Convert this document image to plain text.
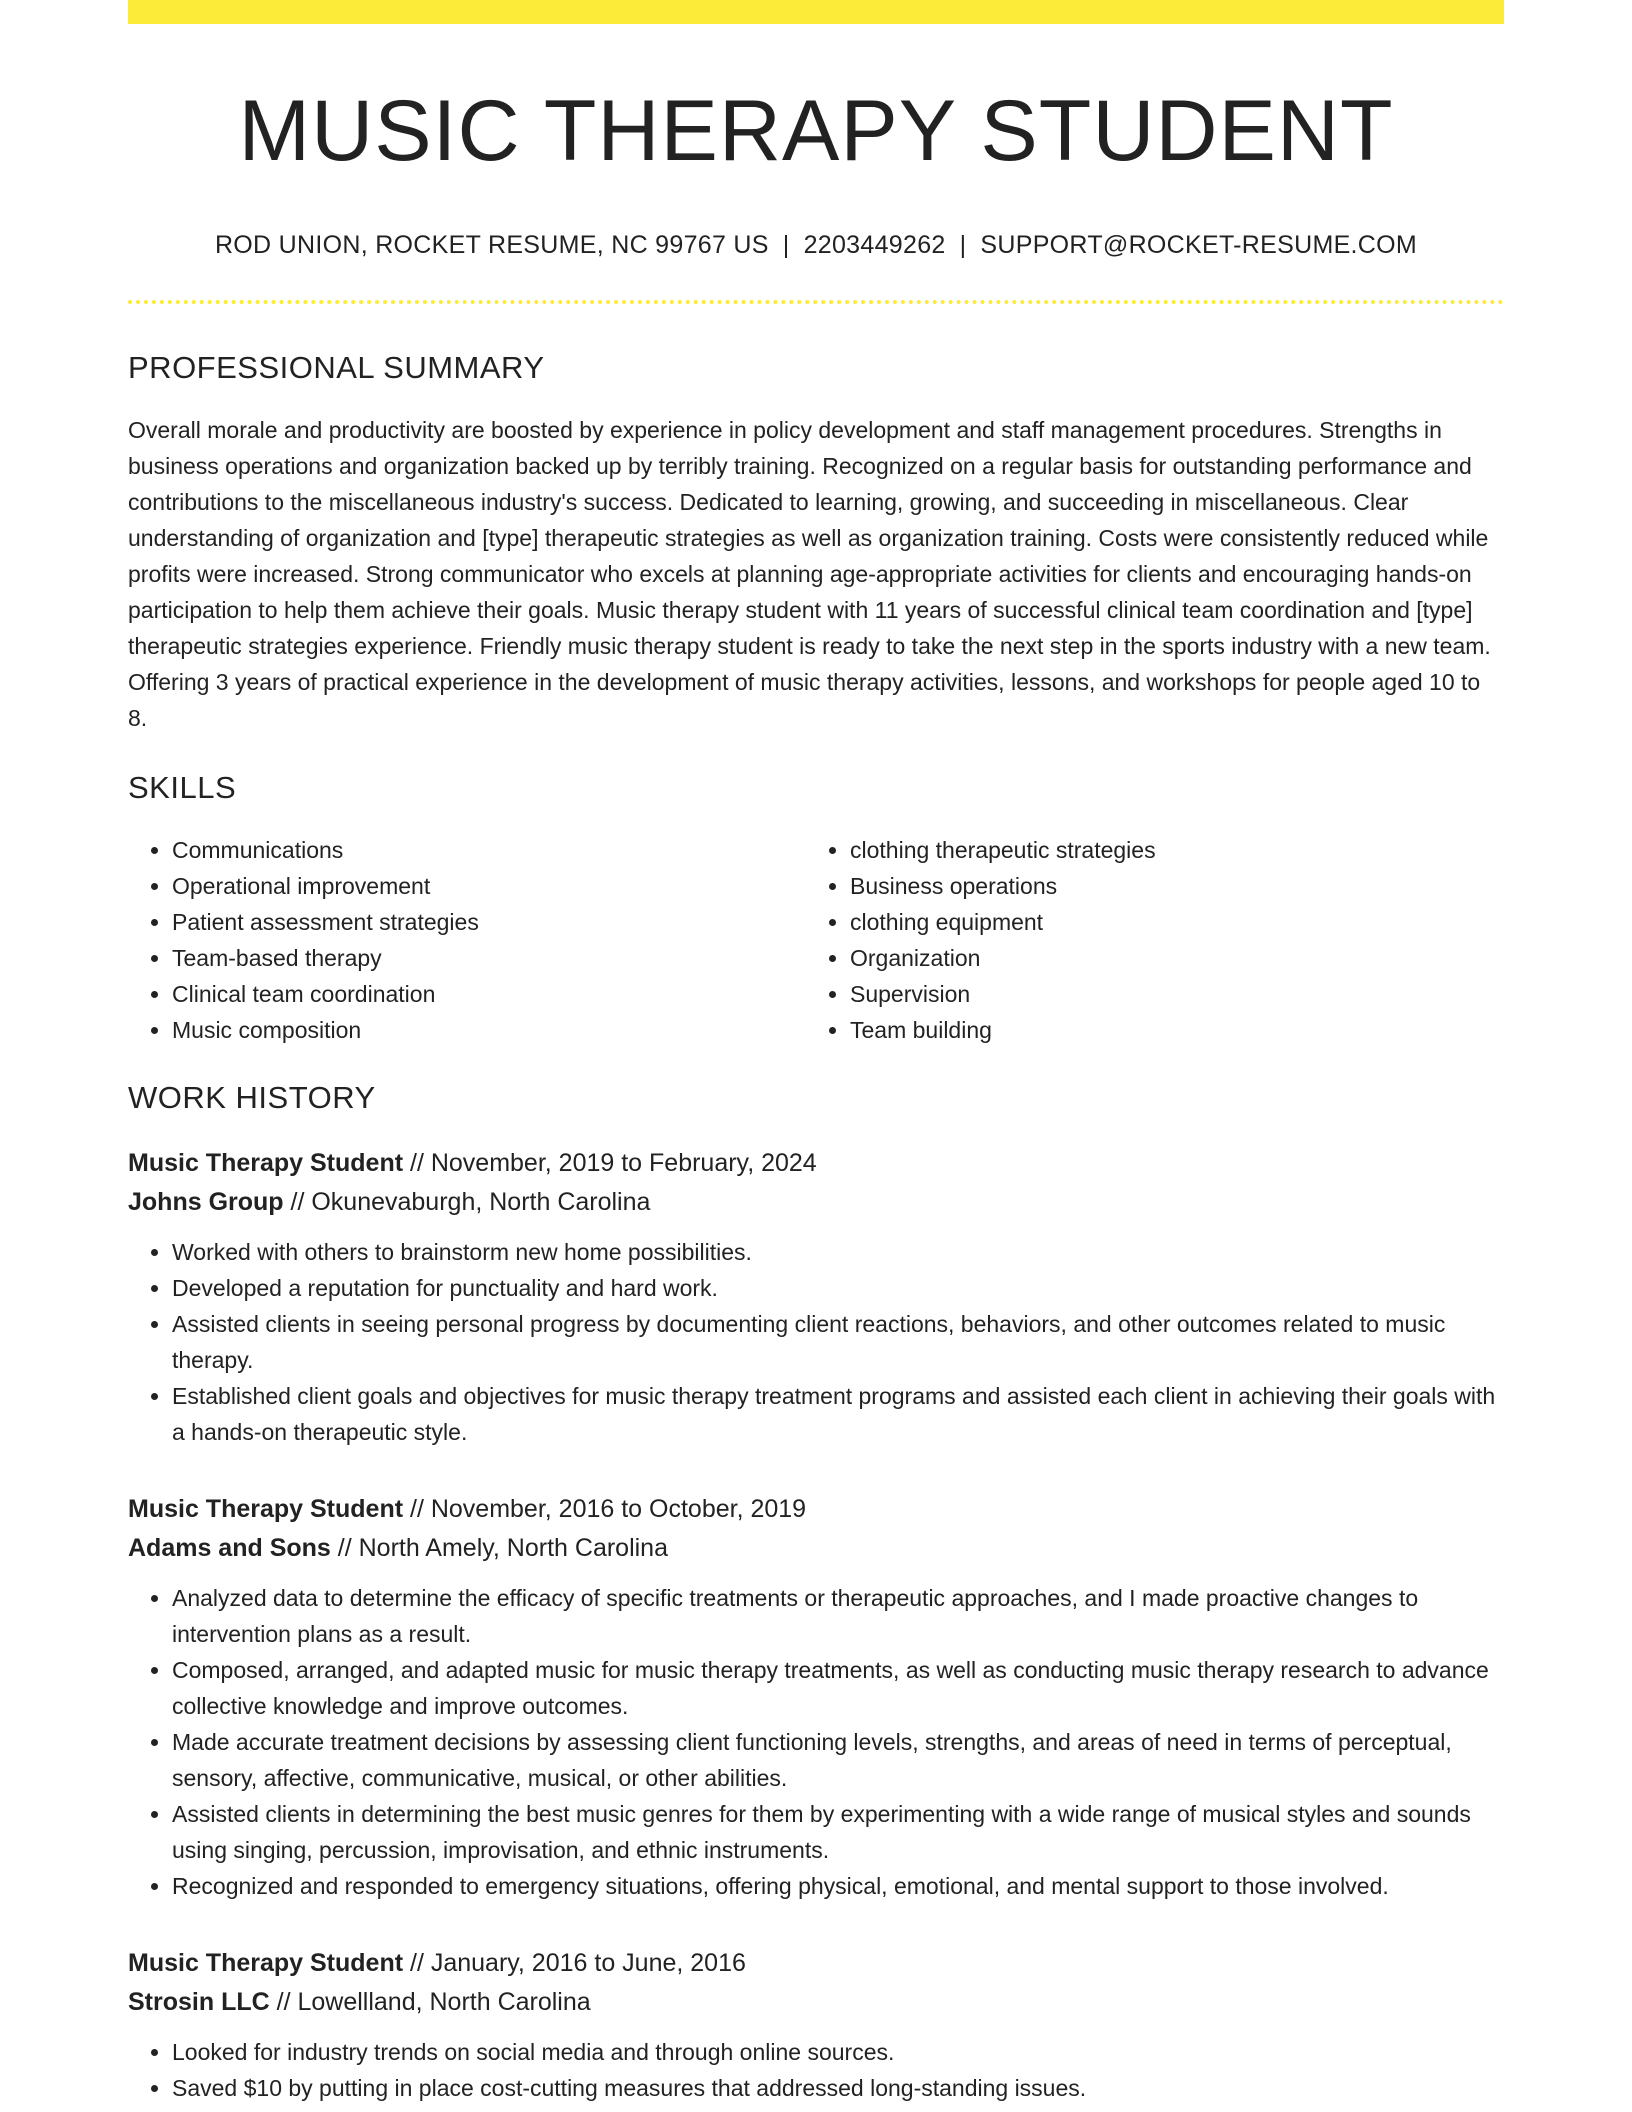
MUSIC THERAPY STUDENT
ROD UNION, ROCKET RESUME, NC 99767 US | 2203449262 | SUPPORT@ROCKET-RESUME.COM
PROFESSIONAL SUMMARY

Overall morale and productivity are boosted by experience in policy development and staff management procedures. Strengths in business operations and organization backed up by terribly training. Recognized on a regular basis for outstanding performance and contributions to the miscellaneous industry's success. Dedicated to learning, growing, and succeeding in miscellaneous. Clear understanding of organization and [type] therapeutic strategies as well as organization training. Costs were consistently reduced while profits were increased. Strong communicator who excels at planning age-appropriate activities for clients and encouraging hands-on participation to help them achieve their goals. Music therapy student with 11 years of successful clinical team coordination and [type] therapeutic strategies experience. Friendly music therapy student is ready to take the next step in the sports industry with a new team. Offering 3 years of practical experience in the development of music therapy activities, lessons, and workshops for people aged 10 to 8.

SKILLS
• Communications
• Operational improvement
• Patient assessment strategies
• Team-based therapy
• Clinical team coordination
• Music composition
• clothing therapeutic strategies
• Business operations
• clothing equipment
• Organization
• Supervision
• Team building
WORK HISTORY
Music Therapy Student // November, 2019 to February, 2024
Johns Group // Okunevaburgh, North Carolina
• Worked with others to brainstorm new home possibilities.
• Developed a reputation for punctuality and hard work.
• Assisted clients in seeing personal progress by documenting client reactions, behaviors, and other outcomes related to music therapy.
• Established client goals and objectives for music therapy treatment programs and assisted each client in achieving their goals with a hands-on therapeutic style.
Music Therapy Student // November, 2016 to October, 2019
Adams and Sons // North Amely, North Carolina
• Analyzed data to determine the efficacy of specific treatments or therapeutic approaches, and I made proactive changes to intervention plans as a result.
• Composed, arranged, and adapted music for music therapy treatments, as well as conducting music therapy research to advance collective knowledge and improve outcomes.
• Made accurate treatment decisions by assessing client functioning levels, strengths, and areas of need in terms of perceptual, sensory, affective, communicative, musical, or other abilities.
• Assisted clients in determining the best music genres for them by experimenting with a wide range of musical styles and sounds using singing, percussion, improvisation, and ethnic instruments.
• Recognized and responded to emergency situations, offering physical, emotional, and mental support to those involved.
Music Therapy Student // January, 2016 to June, 2016
Strosin LLC // Lowellland, North Carolina
• Looked for industry trends on social media and through online sources.
• Saved $10 by putting in place cost-cutting measures that addressed long-standing issues.
